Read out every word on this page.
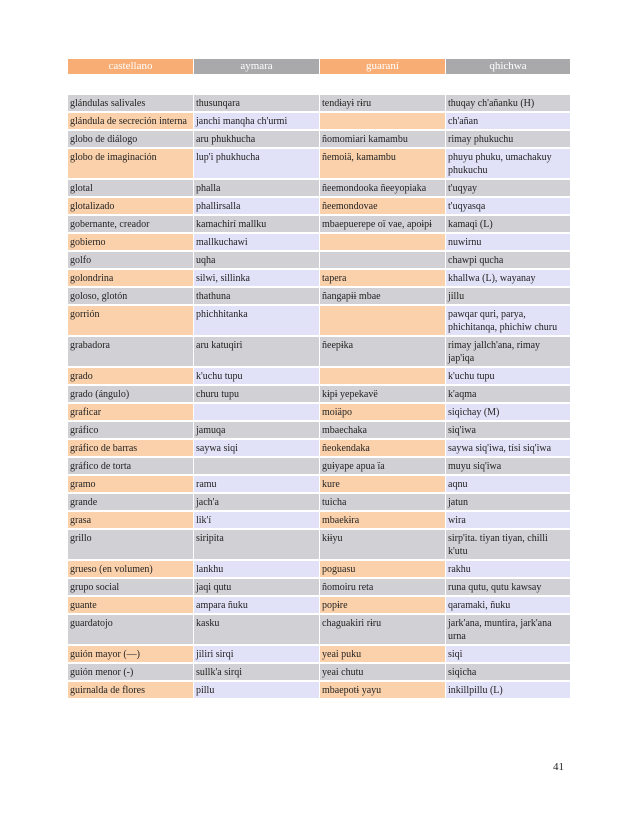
castellano	aymara	guaraní	qhichwa

glándulas salivales	thusunqara	tendɨayɨ rɨru	thuqay ch'añanku (H)
glándula de secreción interna	janchi manqha ch'urmi		ch'añan
globo de diálogo	aru phukhucha	ñomomiari kamambu	rimay phukuchu
globo de imaginación	lup'i phukhucha	ñemoiä, kamambu	phuyu phuku, umachakuy phukuchu
glotal	phalla	ñeemondooka ñeeyopiaka	t'uqyay
glotalizado	phallirsalla	ñeemondovae	t'uqyasqa
gobernante, creador	kamachirí mallku	mbaepuerepe oï vae, apoɨpɨ	kamaqi (L)
gobierno	mallkuchawi		nuwirnu
golfo	uqha		chawpi qucha
golondrina	silwi, sillinka	tapera	khallwa (L), wayanay
goloso, glotón	thathuna	ñangapɨɨ mbae	jillu
gorrión	phichhitanka		pawqar quri, parya, phichitanqa, phichiw churu
grabadora	aru katuqiri	ñeepɨka	rimay jallch'ana, rimay jap'iqa
grado	k'uchu tupu		k'uchu tupu
grado (ángulo)	churu tupu	kɨpɨ yepekavë	k'aqma
graficar		moiäpo	siqichay (M)
gráfico	jamuqa	mbaechaka	siq'iwa
gráfico de barras	saywa siqi	ñeokendaka	saywa siq'iwa, tísi siq'iwa
gráfico de torta		guɨyape apua ïa	muyu siq'iwa
gramo	ramu	kure	aqnu
grande	jach'a	tuicha	jatun
grasa	lik'í	mbaekɨra	wira
grillo	siripita	kɨɨyu	sirp'ita. tiyan tiyan, chilli k'utu
grueso (en volumen)	lankhu	poguasu	rakhu
grupo social	jaqi qutu	ñomoiru reta	runa qutu, qutu kawsay
guante	ampara ñuku	popɨre	qaramaki, ñuku
guardatojo	kasku	chaguakiri rɨru	jark'ana, muntira, jark'ana urna
guión mayor (—)	jiliri sirqi	yeai puku	siqi
guión menor (-)	sullk'a sirqi	yeai chutu	siqicha
guirnalda de flores	pillu	mbaepotɨ yayu	inkillpillu (L)
41
